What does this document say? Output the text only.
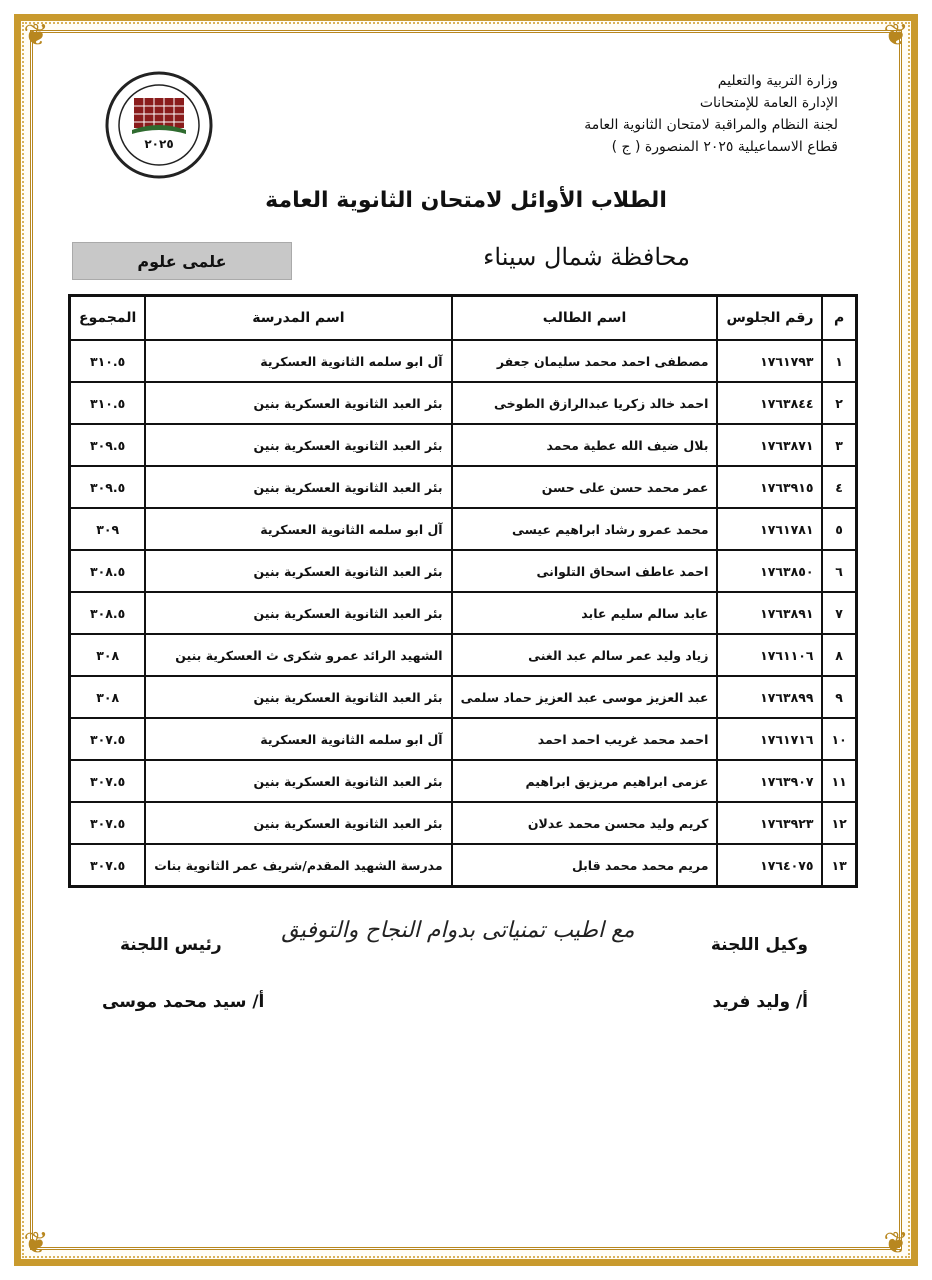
❦	❦
❦	❦
وزارة التربية والتعليم
الإدارة العامة للإمتحانات
لجنة النظام والمراقبة لامتحان الثانوية العامة
قطاع الاسماعيلية ٢٠٢٥ المنصورة ( ج )
٢٠٢٥
الطلاب الأوائل لامتحان الثانوية العامة
محافظة شمال سيناء
علمى علوم
م	رقم الجلوس	اسم الطالب	اسم المدرسة	المجموع
١	١٧٦١٧٩٣	مصطفى احمد محمد سليمان جعفر	آل ابو سلمه الثانوية العسكرية	٣١٠.٥
٢	١٧٦٣٨٤٤	احمد خالد زكريا عبدالرازق الطوخى	بئر العبد الثانوية العسكرية بنين	٣١٠.٥
٣	١٧٦٣٨٧١	بلال ضيف الله عطية محمد	بئر العبد الثانوية العسكرية بنين	٣٠٩.٥
٤	١٧٦٣٩١٥	عمر محمد حسن على حسن	بئر العبد الثانوية العسكرية بنين	٣٠٩.٥
٥	١٧٦١٧٨١	محمد عمرو رشاد ابراهيم عيسى	آل ابو سلمه الثانوية العسكرية	٣٠٩
٦	١٧٦٣٨٥٠	احمد عاطف اسحاق التلوانى	بئر العبد الثانوية العسكرية بنين	٣٠٨.٥
٧	١٧٦٣٨٩١	عابد سالم سليم عابد	بئر العبد الثانوية العسكرية بنين	٣٠٨.٥
٨	١٧٦١١٠٦	زياد وليد عمر سالم عبد الغنى	الشهيد الرائد عمرو شكرى ث العسكرية بنين	٣٠٨
٩	١٧٦٣٨٩٩	عبد العزيز موسى عبد العزيز حماد سلمى	بئر العبد الثانوية العسكرية بنين	٣٠٨
١٠	١٧٦١٧١٦	احمد محمد غريب احمد احمد	آل ابو سلمه الثانوية العسكرية	٣٠٧.٥
١١	١٧٦٣٩٠٧	عزمى ابراهيم مريزيق ابراهيم	بئر العبد الثانوية العسكرية بنين	٣٠٧.٥
١٢	١٧٦٣٩٢٣	كريم وليد محسن محمد عدلان	بئر العبد الثانوية العسكرية بنين	٣٠٧.٥
١٣	١٧٦٤٠٧٥	مريم محمد محمد قابل	مدرسة الشهيد المقدم/شريف عمر الثانوية بنات	٣٠٧.٥
وكيل اللجنة
مع اطيب تمنياتى بدوام النجاح والتوفيق
رئيس اللجنة
أ/ وليد فريد
أ/ سيد محمد موسى
